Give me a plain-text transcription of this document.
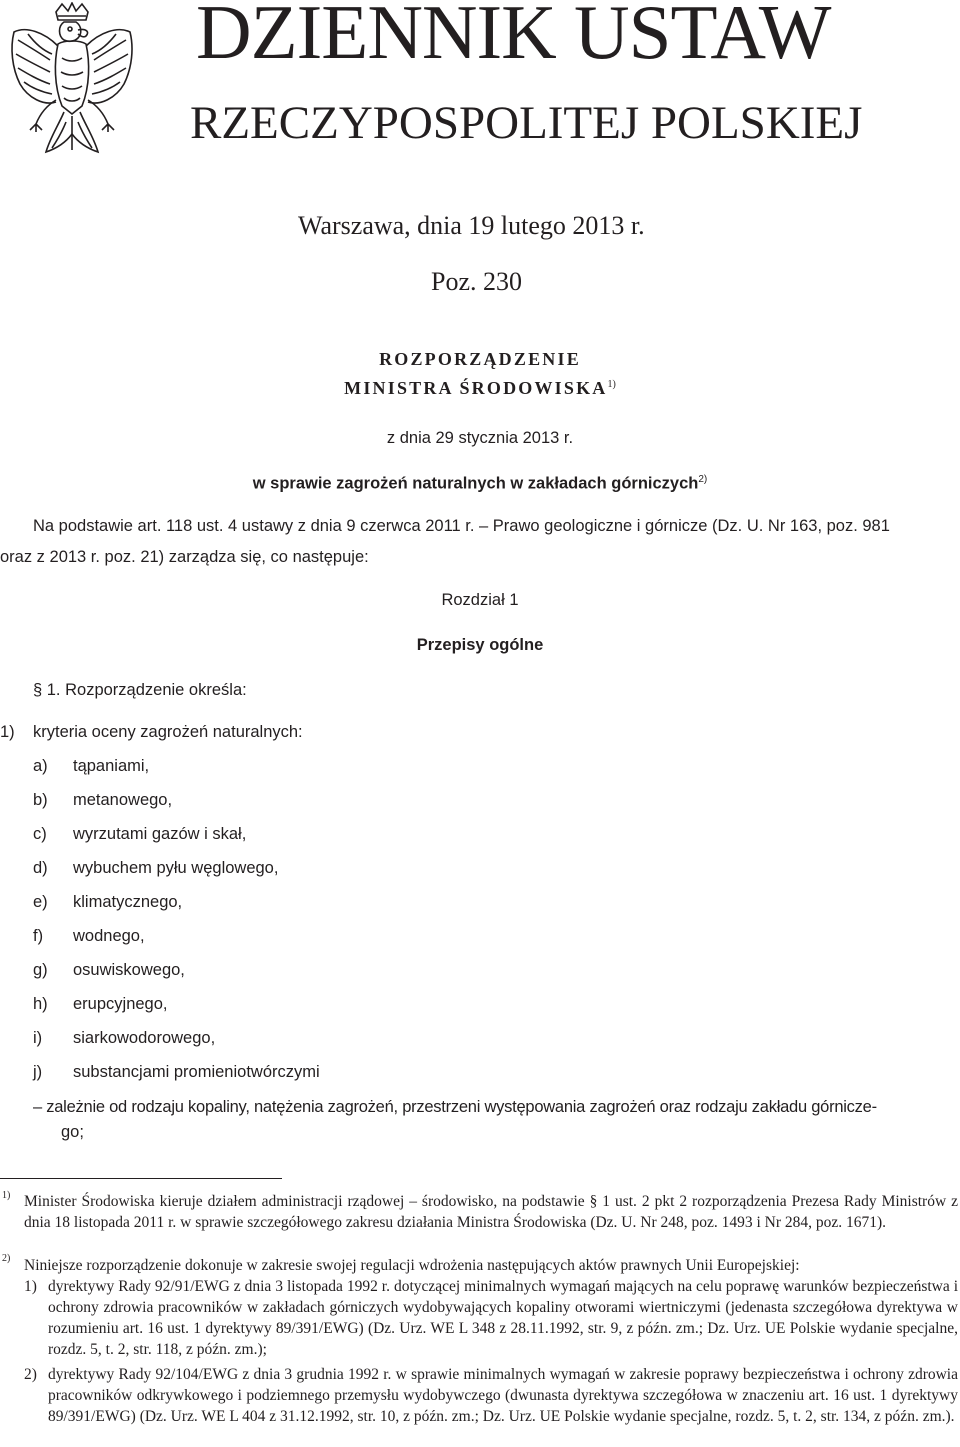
DZIENNIK USTAW
RZECZYPOSPOLITEJ POLSKIEJ
Warszawa, dnia 19 lutego 2013 r.
Poz. 230
ROZPORZĄDZENIE
MINISTRA ŚRODOWISKA$^{1)}$
z dnia 29 stycznia 2013 r.
w sprawie zagrożeń naturalnych w zakładach górniczych$^{2)}$
Na podstawie art. 118 ust. 4 ustawy z dnia 9 czerwca 2011 r. – Prawo geologiczne i górnicze (Dz. U. Nr 163, poz. 981
oraz z 2013 r. poz. 21) zarządza się, co następuje:
Rozdział 1
Przepisy ogólne
§ 1. Rozporządzenie określa:
1) kryteria oceny zagrożeń naturalnych:
a) tąpaniami,
b) metanowego,
c) wyrzutami gazów i skał,
d) wybuchem pyłu węglowego,
e) klimatycznego,
f) wodnego,
g) osuwiskowego,
h) erupcyjnego,
i) siarkowodorowego,
j) substancjami promieniotwórczymi
– zależnie od rodzaju kopaliny, natężenia zagrożeń, przestrzeni występowania zagrożeń oraz rodzaju zakładu górnicze-
go;
1) Minister Środowiska kieruje działem administracji rządowej – środowisko, na podstawie § 1 ust. 2 pkt 2 rozporządzenia Prezesa Rady Ministrów z dnia 18 listopada 2011 r. w sprawie szczegółowego zakresu działania Ministra Środowiska (Dz. U. Nr 248, poz. 1493 i Nr 284, poz. 1671).
2) Niniejsze rozporządzenie dokonuje w zakresie swojej regulacji wdrożenia następujących aktów prawnych Unii Europejskiej:
1) dyrektywy Rady 92/91/EWG z dnia 3 listopada 1992 r. dotyczącej minimalnych wymagań mających na celu poprawę warunków bezpieczeństwa i ochrony zdrowia pracowników w zakładach górniczych wydobywających kopaliny otworami wiertniczymi (jedenasta szczegółowa dyrektywa w rozumieniu art. 16 ust. 1 dyrektywy 89/391/EWG) (Dz. Urz. WE L 348 z 28.11.1992, str. 9, z późn. zm.; Dz. Urz. UE Polskie wydanie specjalne, rozdz. 5, t. 2, str. 118, z późn. zm.);
2) dyrektywy Rady 92/104/EWG z dnia 3 grudnia 1992 r. w sprawie minimalnych wymagań w zakresie poprawy bezpieczeństwa i ochrony zdrowia pracowników odkrywkowego i podziemnego przemysłu wydobywczego (dwunasta dyrektywa szczegółowa w znaczeniu art. 16 ust. 1 dyrektywy 89/391/EWG) (Dz. Urz. WE L 404 z 31.12.1992, str. 10, z późn. zm.; Dz. Urz. UE Polskie wydanie specjalne, rozdz. 5, t. 2, str. 134, z późn. zm.).
